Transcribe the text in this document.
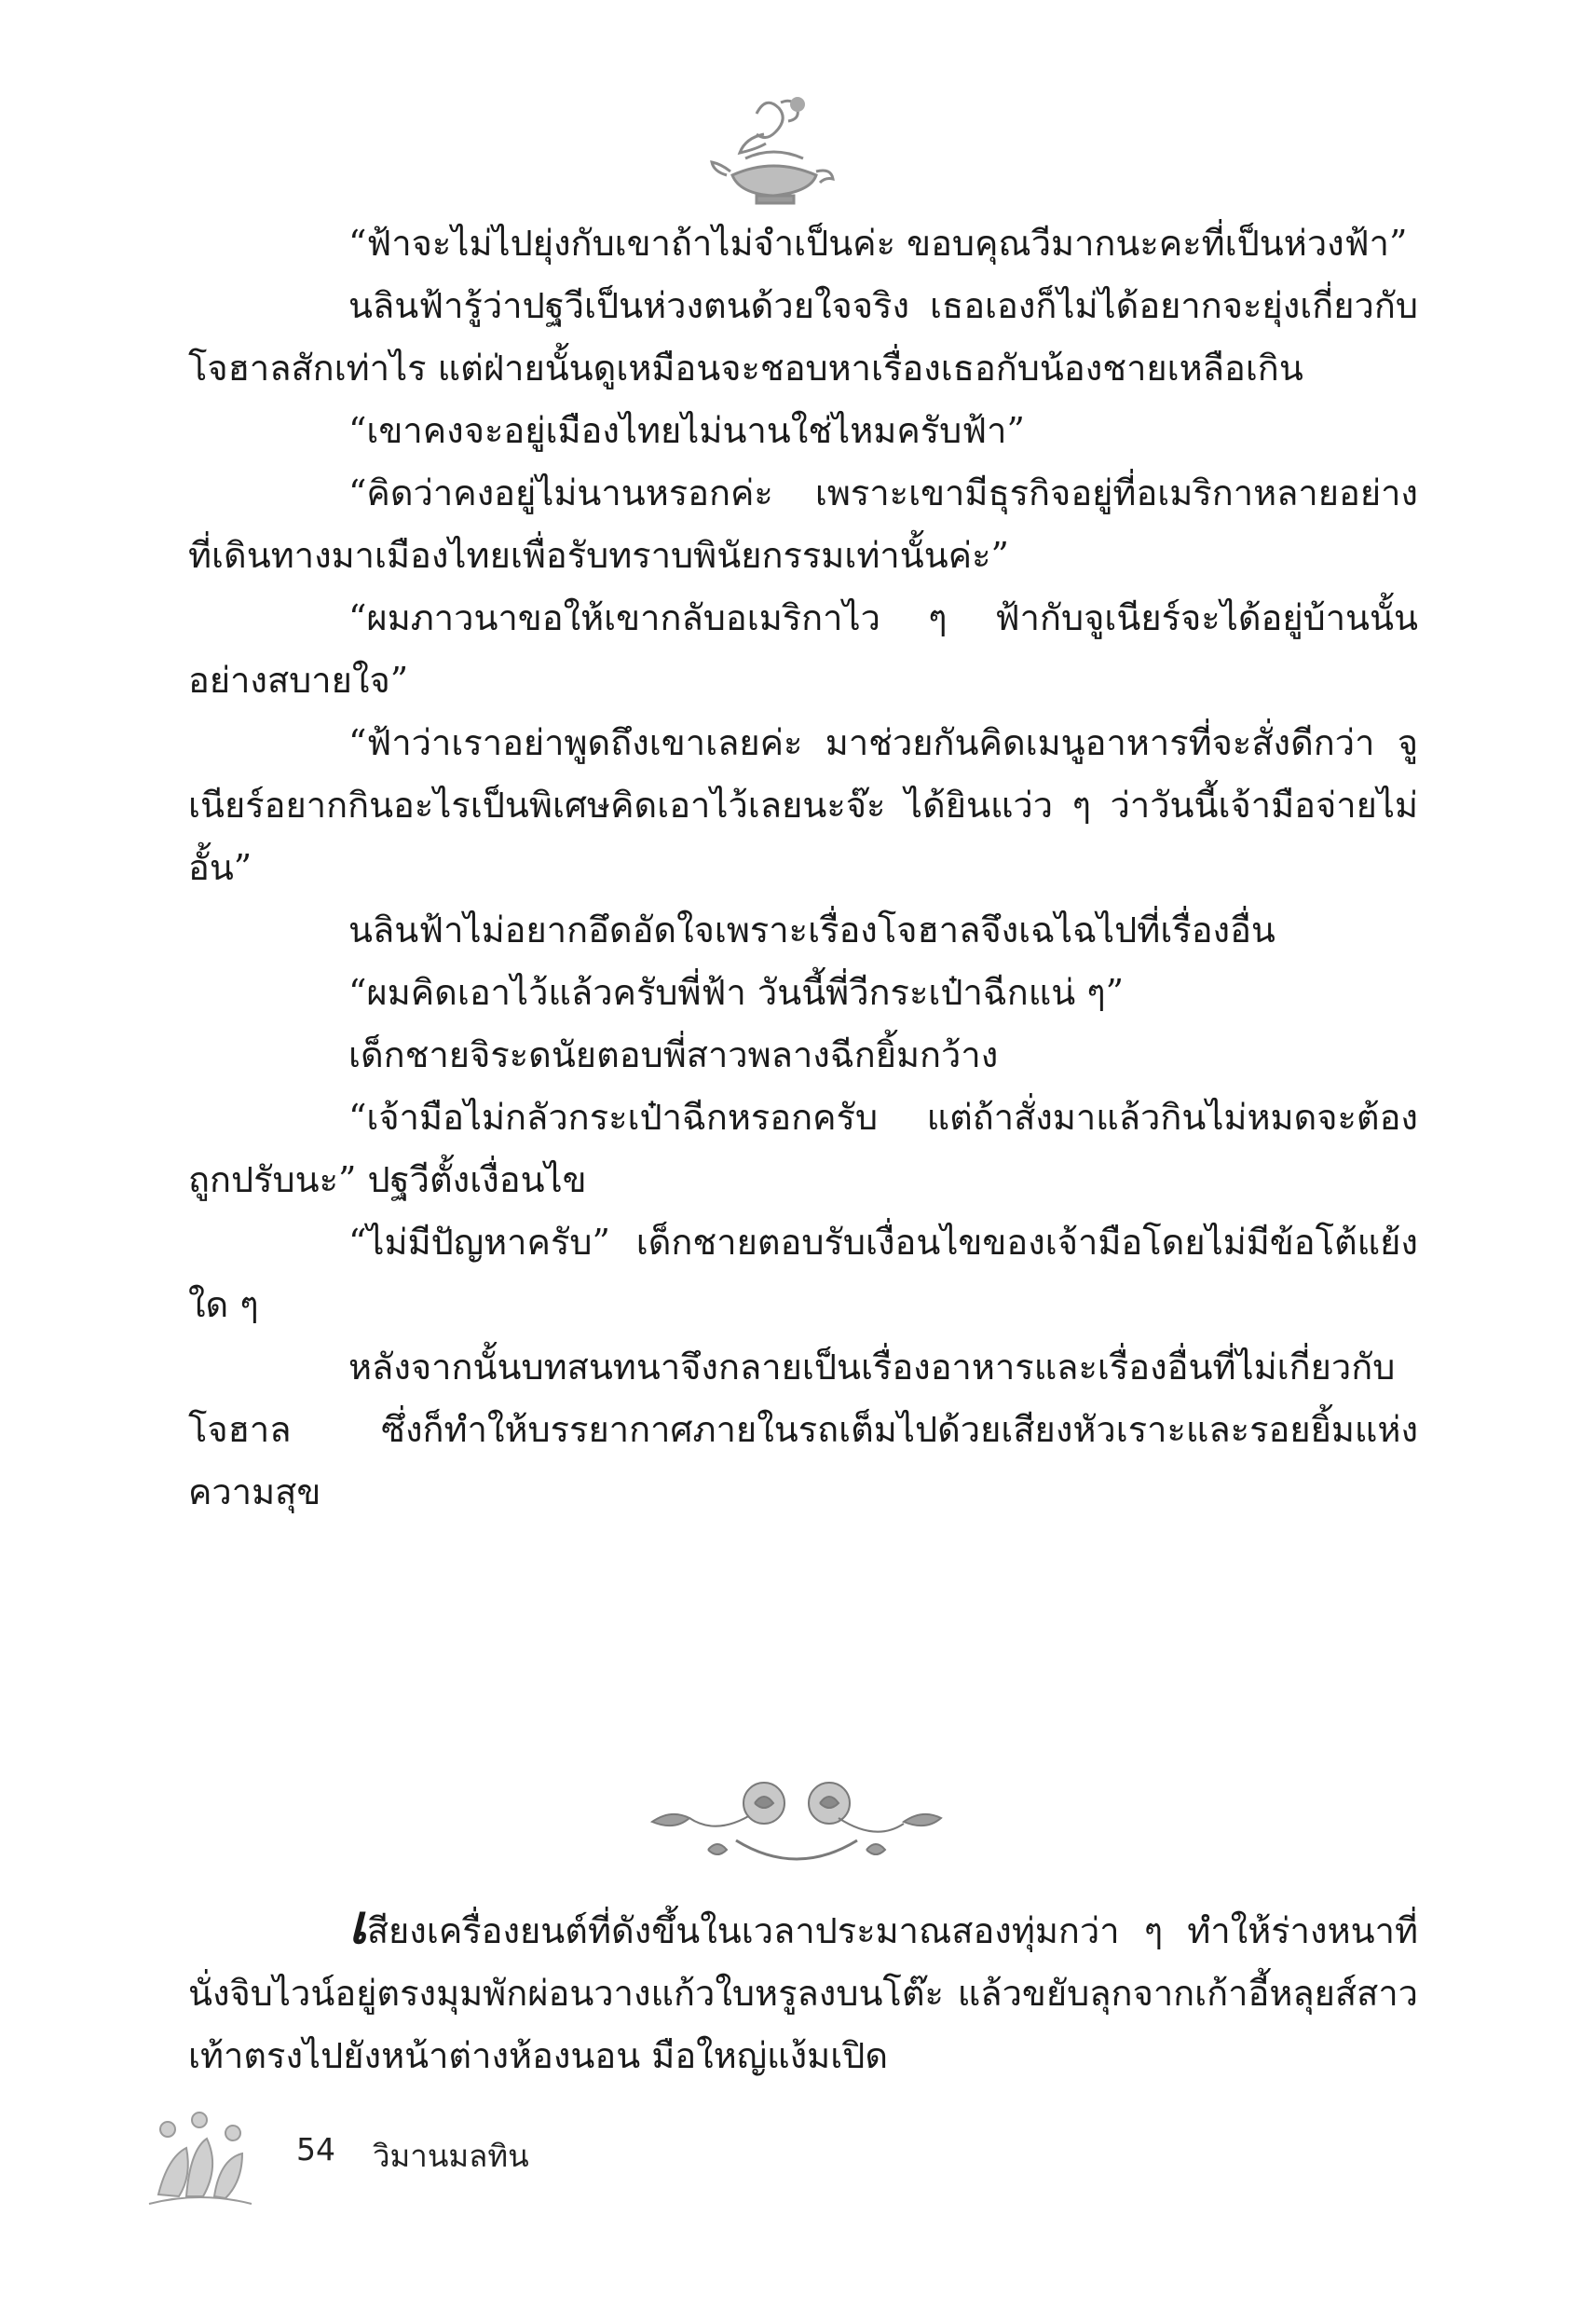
“ฟ้าจะไม่ไปยุ่งกับเขาถ้าไม่จำเป็นค่ะ ขอบคุณวีมากนะคะที่เป็นห่วงฟ้า”

นลินฟ้ารู้ว่าปฐวีเป็นห่วงตนด้วยใจจริง เธอเองก็ไม่ได้อยากจะยุ่งเกี่ยวกับโจฮาลสักเท่าไร แต่ฝ่ายนั้นดูเหมือนจะชอบหาเรื่องเธอกับน้องชายเหลือเกิน

“เขาคงจะอยู่เมืองไทยไม่นานใช่ไหมครับฟ้า”

“คิดว่าคงอยู่ไม่นานหรอกค่ะ เพราะเขามีธุรกิจอยู่ที่อเมริกาหลายอย่าง ที่เดินทางมาเมืองไทยเพื่อรับทราบพินัยกรรมเท่านั้นค่ะ”

“ผมภาวนาขอให้เขากลับอเมริกาไว ๆ ฟ้ากับจูเนียร์จะได้อยู่บ้านนั้นอย่างสบายใจ”

“ฟ้าว่าเราอย่าพูดถึงเขาเลยค่ะ มาช่วยกันคิดเมนูอาหารที่จะสั่งดีกว่า จูเนียร์อยากกินอะไรเป็นพิเศษคิดเอาไว้เลยนะจ๊ะ ได้ยินแว่ว ๆ ว่าวันนี้เจ้ามือจ่ายไม่อั้น”

นลินฟ้าไม่อยากอึดอัดใจเพราะเรื่องโจฮาลจึงเฉไฉไปที่เรื่องอื่น

“ผมคิดเอาไว้แล้วครับพี่ฟ้า วันนี้พี่วีกระเป๋าฉีกแน่ ๆ”

เด็กชายจิระดนัยตอบพี่สาวพลางฉีกยิ้มกว้าง

“เจ้ามือไม่กลัวกระเป๋าฉีกหรอกครับ แต่ถ้าสั่งมาแล้วกินไม่หมดจะต้องถูกปรับนะ” ปฐวีตั้งเงื่อนไข

“ไม่มีปัญหาครับ” เด็กชายตอบรับเงื่อนไขของเจ้ามือโดยไม่มีข้อโต้แย้งใด ๆ

หลังจากนั้นบทสนทนาจึงกลายเป็นเรื่องอาหารและเรื่องอื่นที่ไม่เกี่ยวกับโจฮาล ซึ่งก็ทำให้บรรยากาศภายในรถเต็มไปด้วยเสียงหัวเราะและรอยยิ้มแห่งความสุข

เสียงเครื่องยนต์ที่ดังขึ้นในเวลาประมาณสองทุ่มกว่า ๆ ทำให้ร่างหนาที่นั่งจิบไวน์อยู่ตรงมุมพักผ่อนวางแก้วใบหรูลงบนโต๊ะ แล้วขยับลุกจากเก้าอี้หลุยส์สาวเท้าตรงไปยังหน้าต่างห้องนอน มือใหญ่แง้มเปิด

54 วิมานมลทิน
